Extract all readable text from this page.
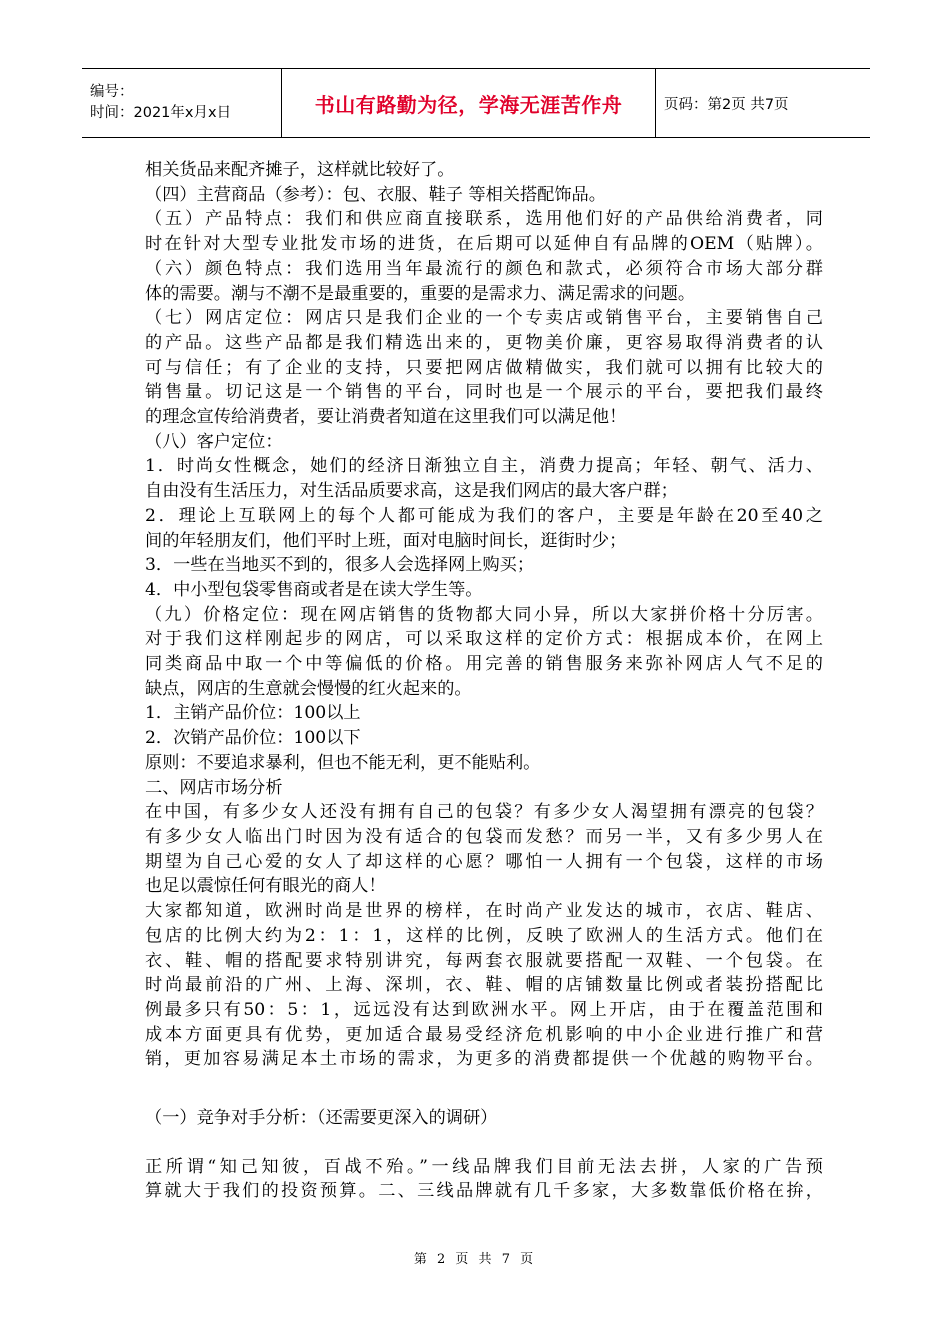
编号：
时间：2021年x月x日	书山有路勤为径，学海无涯苦作舟	页码：第2页 共7页
相关货品来配齐摊子，这样就比较好了。
（四）主营商品（参考）：包、衣服、鞋子 等相关搭配饰品。
（五）产品特点：我们和供应商直接联系，选用他们好的产品供给消费者，同
时在针对大型专业批发市场的进货，在后期可以延伸自有品牌的OEM（贴牌）。
（六）颜色特点：我们选用当年最流行的颜色和款式，必须符合市场大部分群
体的需要。潮与不潮不是最重要的，重要的是需求力、满足需求的问题。
（七）网店定位：网店只是我们企业的一个专卖店或销售平台，主要销售自己
的产品。这些产品都是我们精选出来的，更物美价廉，更容易取得消费者的认
可与信任；有了企业的支持，只要把网店做精做实，我们就可以拥有比较大的
销售量。切记这是一个销售的平台，同时也是一个展示的平台，要把我们最终
的理念宣传给消费者，要让消费者知道在这里我们可以满足他！
（八）客户定位：
1．时尚女性概念，她们的经济日渐独立自主，消费力提高；年轻、朝气、活力、
自由没有生活压力，对生活品质要求高，这是我们网店的最大客户群；
2．理论上互联网上的每个人都可能成为我们的客户，主要是年龄在20至40之
间的年轻朋友们，他们平时上班，面对电脑时间长，逛街时少；
3．一些在当地买不到的，很多人会选择网上购买；
4．中小型包袋零售商或者是在读大学生等。
（九）价格定位：现在网店销售的货物都大同小异，所以大家拼价格十分厉害。
对于我们这样刚起步的网店，可以采取这样的定价方式：根据成本价，在网上
同类商品中取一个中等偏低的价格。用完善的销售服务来弥补网店人气不足的
缺点，网店的生意就会慢慢的红火起来的。
1．主销产品价位：100以上
2．次销产品价位：100以下
原则：不要追求暴利，但也不能无利，更不能贴利。
二、网店市场分析
在中国，有多少女人还没有拥有自己的包袋？有多少女人渴望拥有漂亮的包袋？
有多少女人临出门时因为没有适合的包袋而发愁？而另一半，又有多少男人在
期望为自己心爱的女人了却这样的心愿？哪怕一人拥有一个包袋，这样的市场
也足以震惊任何有眼光的商人！
大家都知道，欧洲时尚是世界的榜样，在时尚产业发达的城市，衣店、鞋店、
包店的比例大约为2：1：1，这样的比例，反映了欧洲人的生活方式。他们在
衣、鞋、帽的搭配要求特别讲究，每两套衣服就要搭配一双鞋、一个包袋。在
时尚最前沿的广州、上海、深圳，衣、鞋、帽的店铺数量比例或者装扮搭配比
例最多只有50：5：1，远远没有达到欧洲水平。网上开店，由于在覆盖范围和
成本方面更具有优势，更加适合最易受经济危机影响的中小企业进行推广和营
销，更加容易满足本土市场的需求，为更多的消费都提供一个优越的购物平台。
（一）竞争对手分析：（还需要更深入的调研）
正所谓“知己知彼，百战不殆。”一线品牌我们目前无法去拼，人家的广告预
算就大于我们的投资预算。二、三线品牌就有几千多家，大多数靠低价格在拚，
第 2 页 共 7 页
